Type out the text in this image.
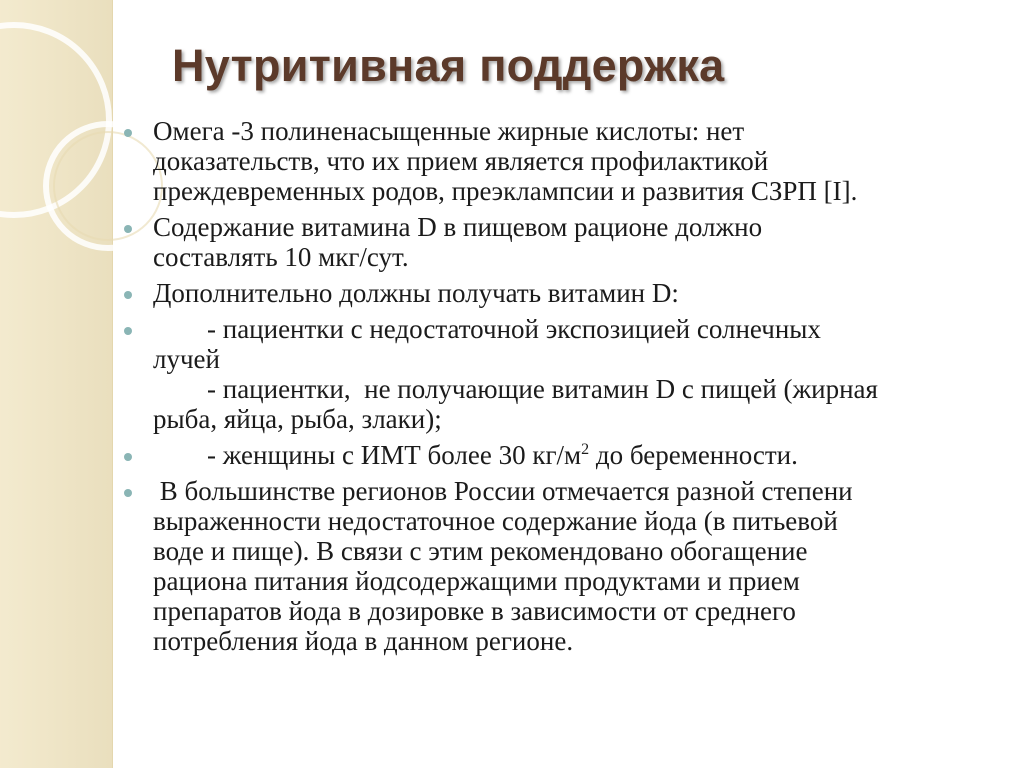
Нутритивная поддержка
Омега -3 полиненасыщенные жирные кислоты: нет
доказательств, что их прием является профилактикой
преждевременных родов, преэклампсии и развития СЗРП [I].
Содержание витамина D в пищевом рационе должно
составлять 10 мкг/сут.
Дополнительно должны получать витамин D:
- пациентки с недостаточной экспозицией солнечных
лучей
- пациентки,  не получающие витамин D с пищей (жирная
рыба, яйца, рыба, злаки);
- женщины с ИМТ более 30 $кг/м^2$ до беременности.
В большинстве регионов России отмечается разной степени
выраженности недостаточное содержание йода (в питьевой
воде и пище). В связи с этим рекомендовано обогащение
рациона питания йодсодержащими продуктами и прием
препаратов йода в дозировке в зависимости от среднего
потребления йода в данном регионе.
